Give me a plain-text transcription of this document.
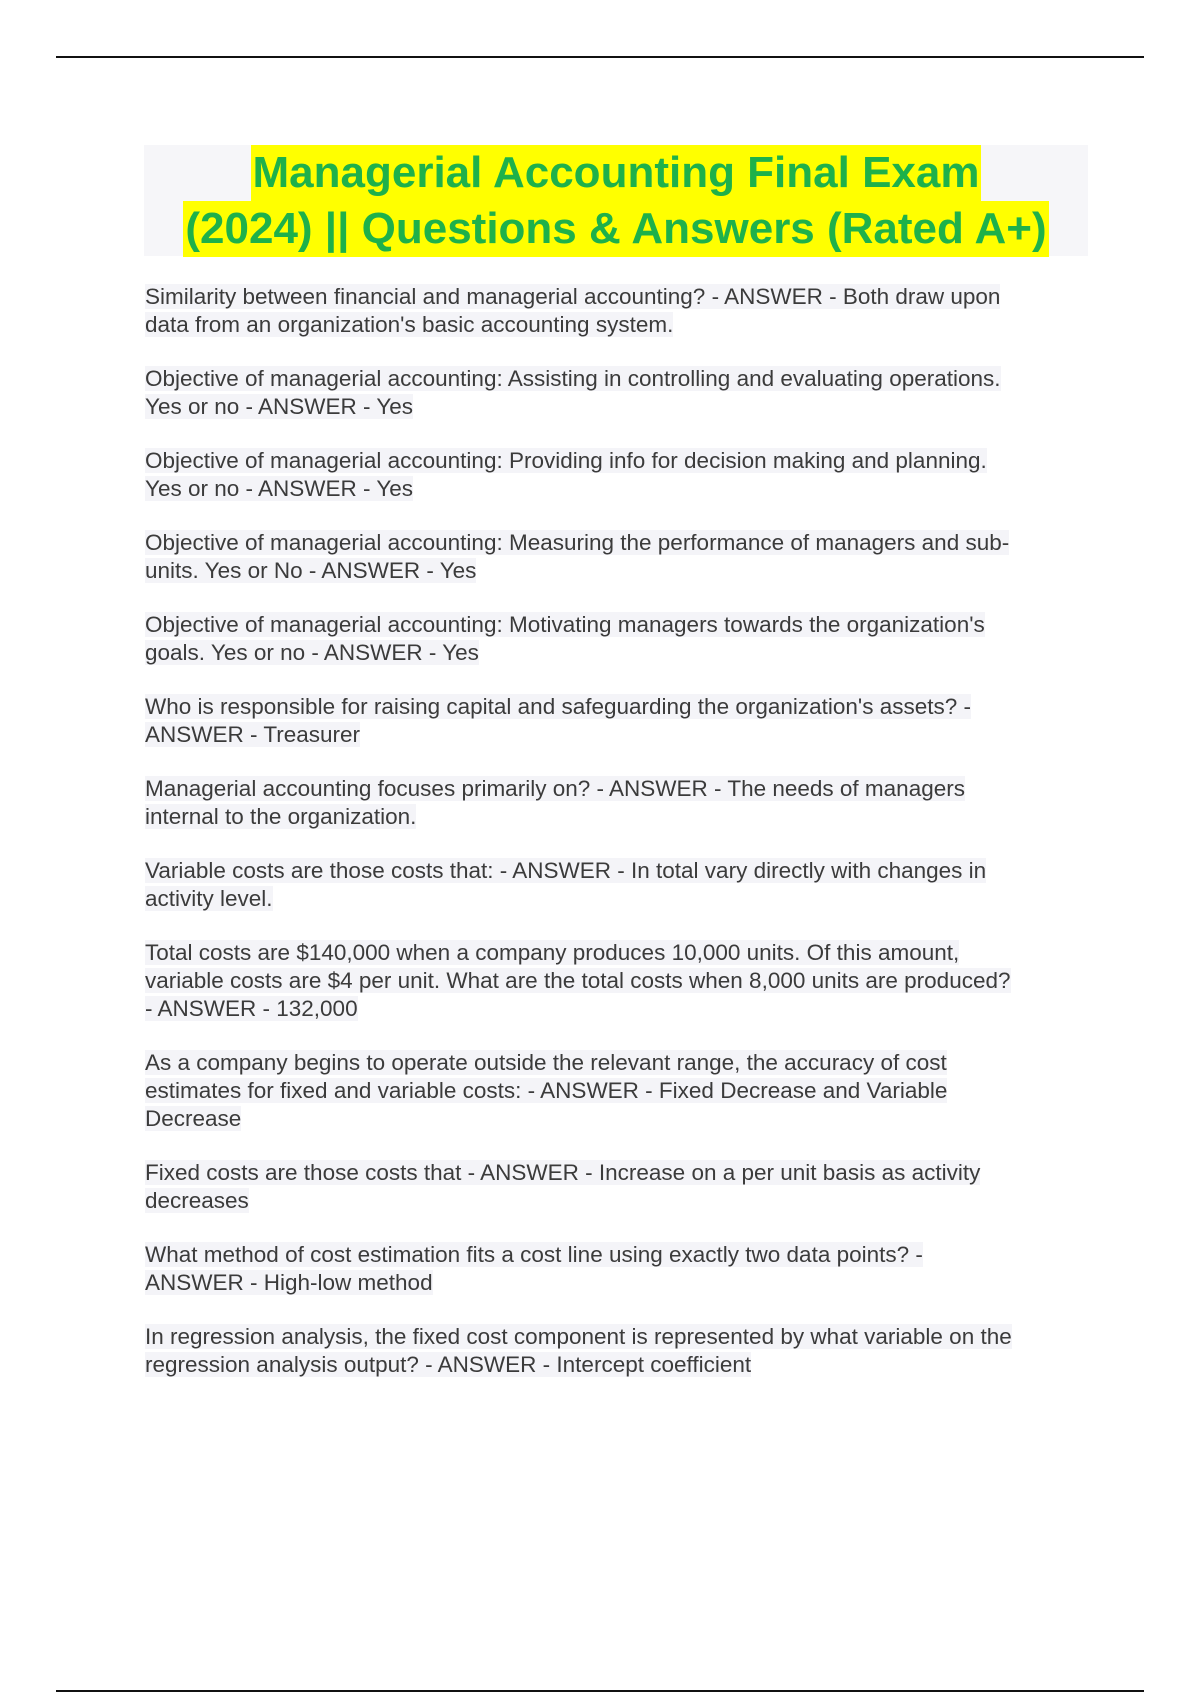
Managerial Accounting Final Exam
(2024) || Questions & Answers (Rated A+)
Similarity between financial and managerial accounting? - ANSWER - Both draw upon
data from an organization's basic accounting system.
Objective of managerial accounting: Assisting in controlling and evaluating operations.
Yes or no - ANSWER - Yes
Objective of managerial accounting: Providing info for decision making and planning.
Yes or no - ANSWER - Yes
Objective of managerial accounting: Measuring the performance of managers and sub-
units. Yes or No - ANSWER - Yes
Objective of managerial accounting: Motivating managers towards the organization's
goals. Yes or no - ANSWER - Yes
Who is responsible for raising capital and safeguarding the organization's assets? -
ANSWER - Treasurer
Managerial accounting focuses primarily on? - ANSWER - The needs of managers
internal to the organization.
Variable costs are those costs that: - ANSWER - In total vary directly with changes in
activity level.
Total costs are $140,000 when a company produces 10,000 units. Of this amount,
variable costs are $4 per unit. What are the total costs when 8,000 units are produced?
- ANSWER - 132,000
As a company begins to operate outside the relevant range, the accuracy of cost
estimates for fixed and variable costs: - ANSWER - Fixed Decrease and Variable
Decrease
Fixed costs are those costs that - ANSWER - Increase on a per unit basis as activity
decreases
What method of cost estimation fits a cost line using exactly two data points? -
ANSWER - High-low method
In regression analysis, the fixed cost component is represented by what variable on the
regression analysis output? - ANSWER - Intercept coefficient
